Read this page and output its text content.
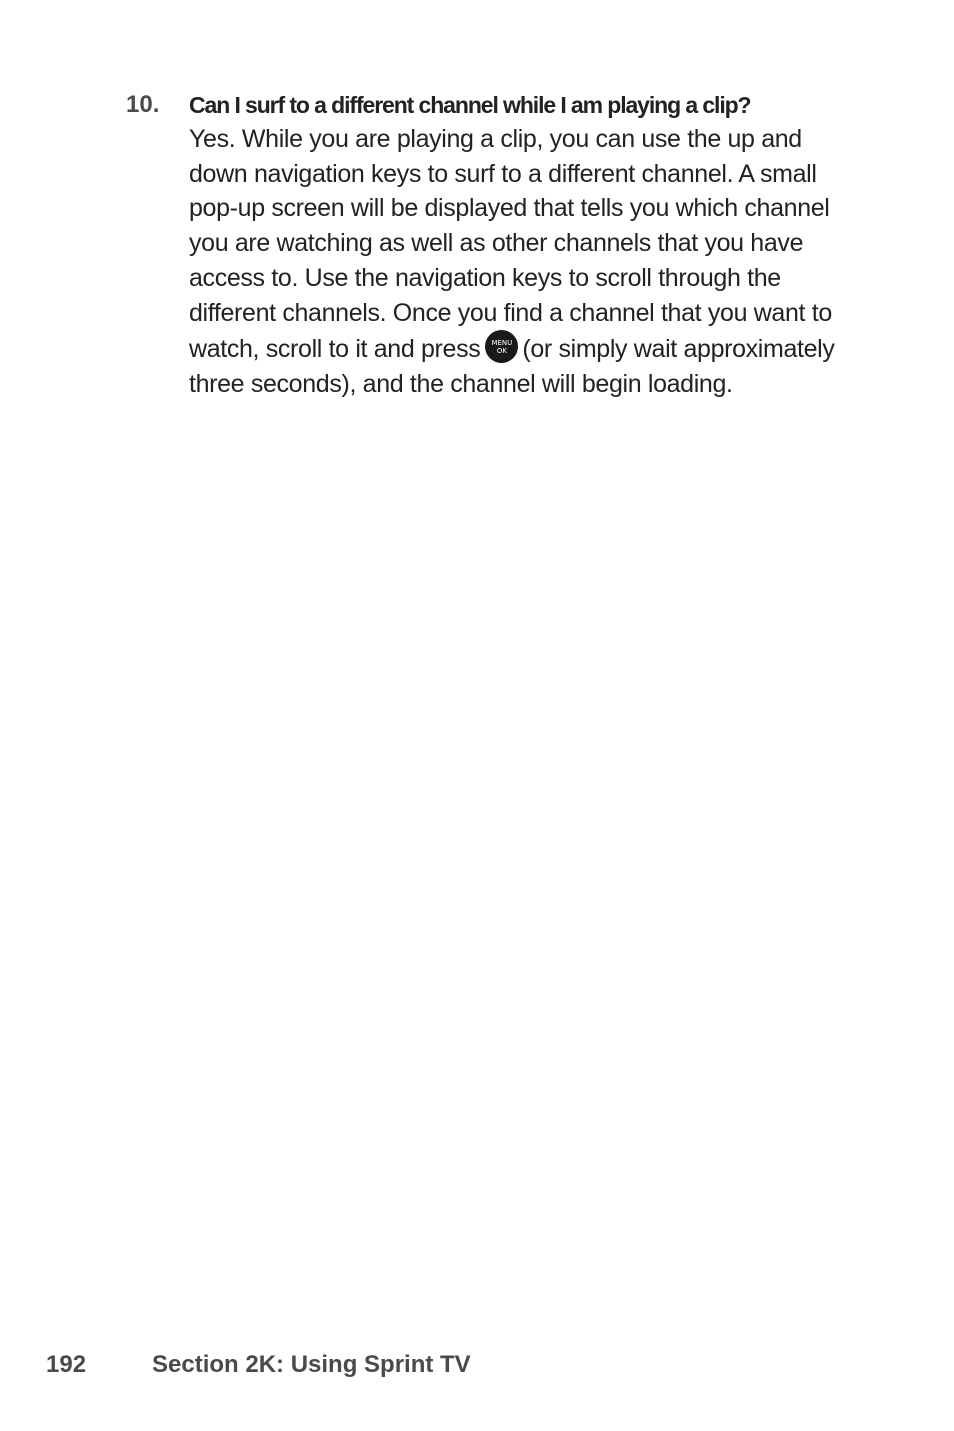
10. Can I surf to a different channel while I am playing a clip?
Yes. While you are playing a clip, you can use the up and down navigation keys to surf to a different channel. A small pop-up screen will be displayed that tells you which channel you are watching as well as other channels that you have access to. Use the navigation keys to scroll through the different channels. Once you find a channel that you want to watch, scroll to it and press	MENU
OK (or simply wait approximately three seconds), and the channel will begin loading.
192	Section 2K: Using Sprint TV
